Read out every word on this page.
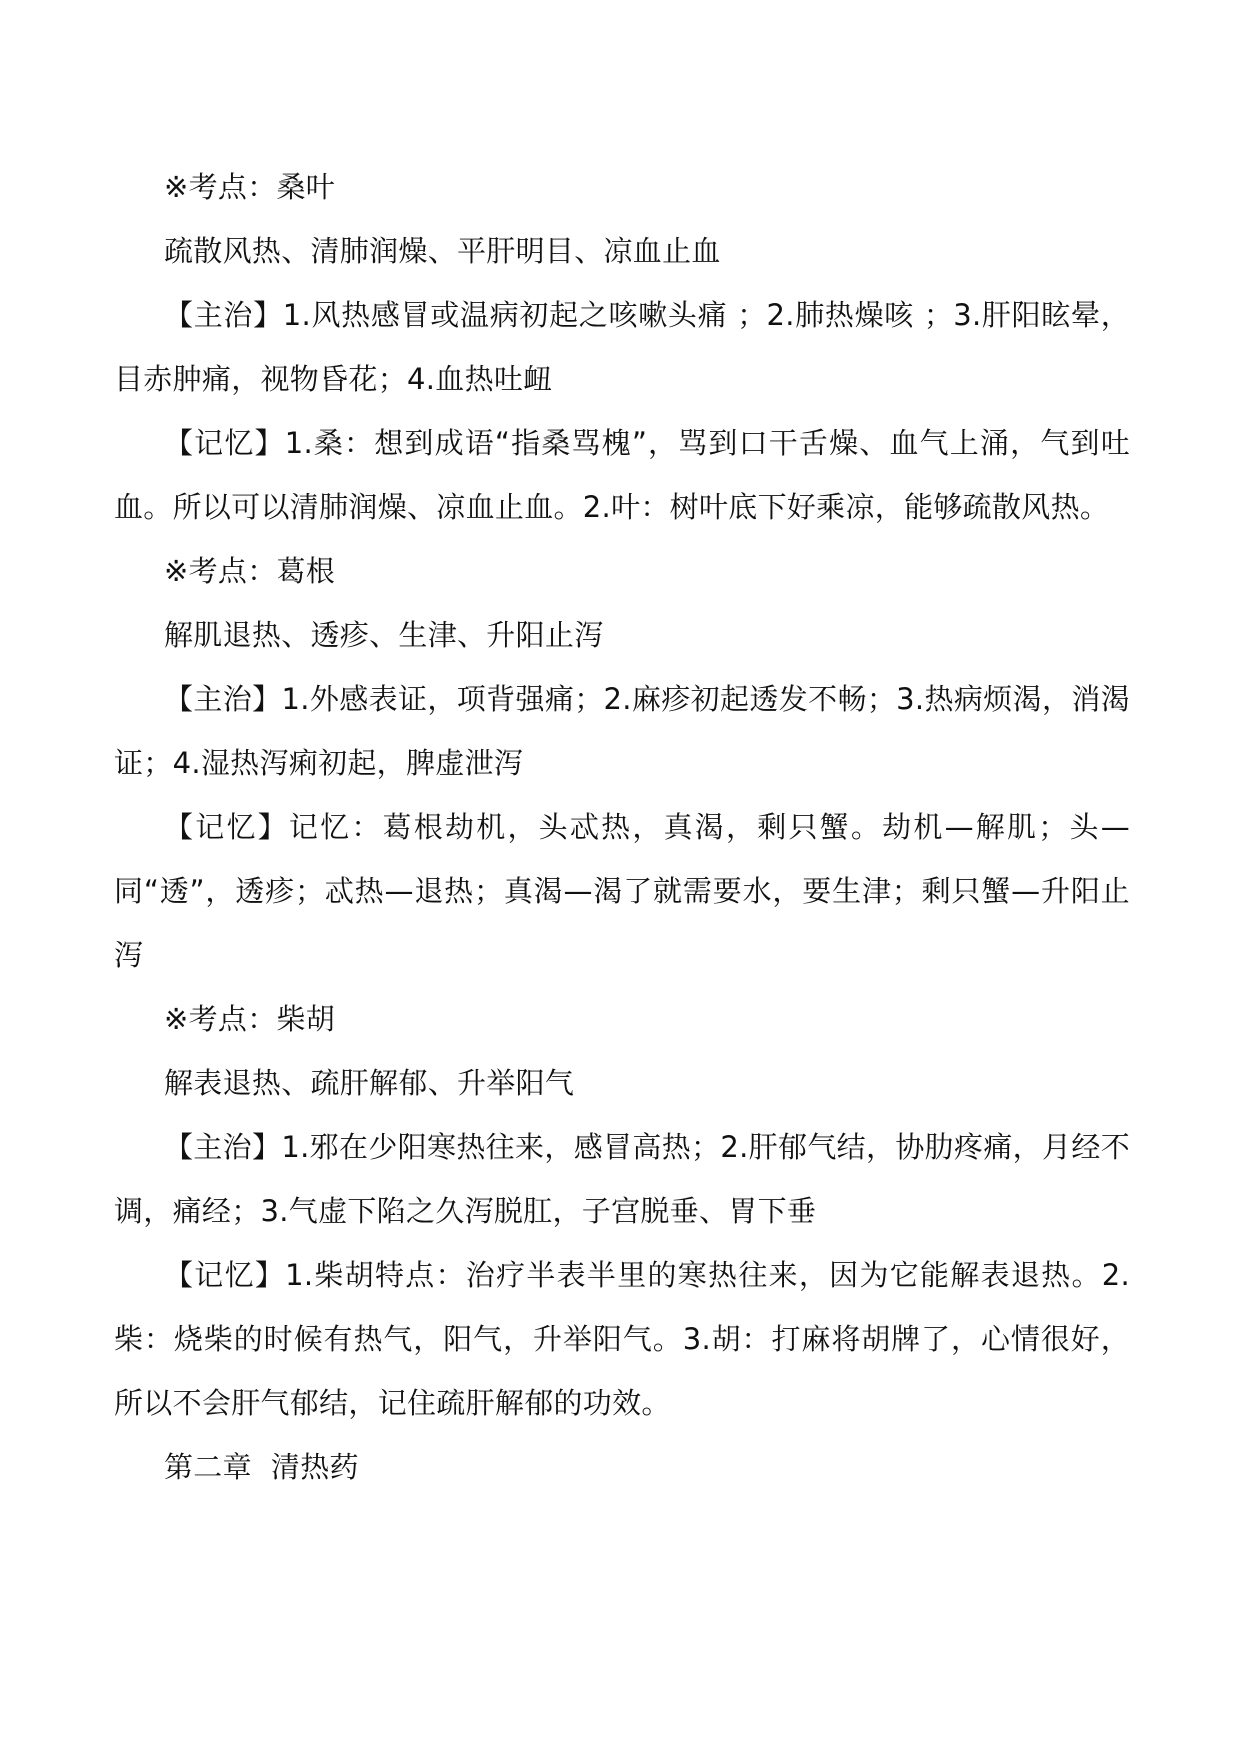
※考点：桑叶

疏散风热、清肺润燥、平肝明目、凉血止血

【主治】1.风热感冒或温病初起之咳嗽头痛 ；2.肺热燥咳 ；3.肝阳眩晕，目赤肿痛，视物昏花；4.血热吐衄

【记忆】1.桑：想到成语“指桑骂槐”，骂到口干舌燥、血气上涌，气到吐血。所以可以清肺润燥、凉血止血。2.叶：树叶底下好乘凉，能够疏散风热。

※考点：葛根

解肌退热、透疹、生津、升阳止泻

【主治】1.外感表证，项背强痛；2.麻疹初起透发不畅；3.热病烦渴，消渴证；4.湿热泻痢初起，脾虚泄泻

【记忆】记忆：葛根劫机，头忒热，真渴，剩只蟹。劫机—解肌；头—同“透”，透疹；忒热—退热；真渴—渴了就需要水，要生津；剩只蟹—升阳止泻

※考点：柴胡

解表退热、疏肝解郁、升举阳气

【主治】1.邪在少阳寒热往来，感冒高热；2.肝郁气结，协肋疼痛，月经不调，痛经；3.气虚下陷之久泻脱肛，子宫脱垂、胃下垂

【记忆】1.柴胡特点：治疗半表半里的寒热往来，因为它能解表退热。2.柴：烧柴的时候有热气，阳气，升举阳气。3.胡：打麻将胡牌了，心情很好，所以不会肝气郁结，记住疏肝解郁的功效。

第二章  清热药
